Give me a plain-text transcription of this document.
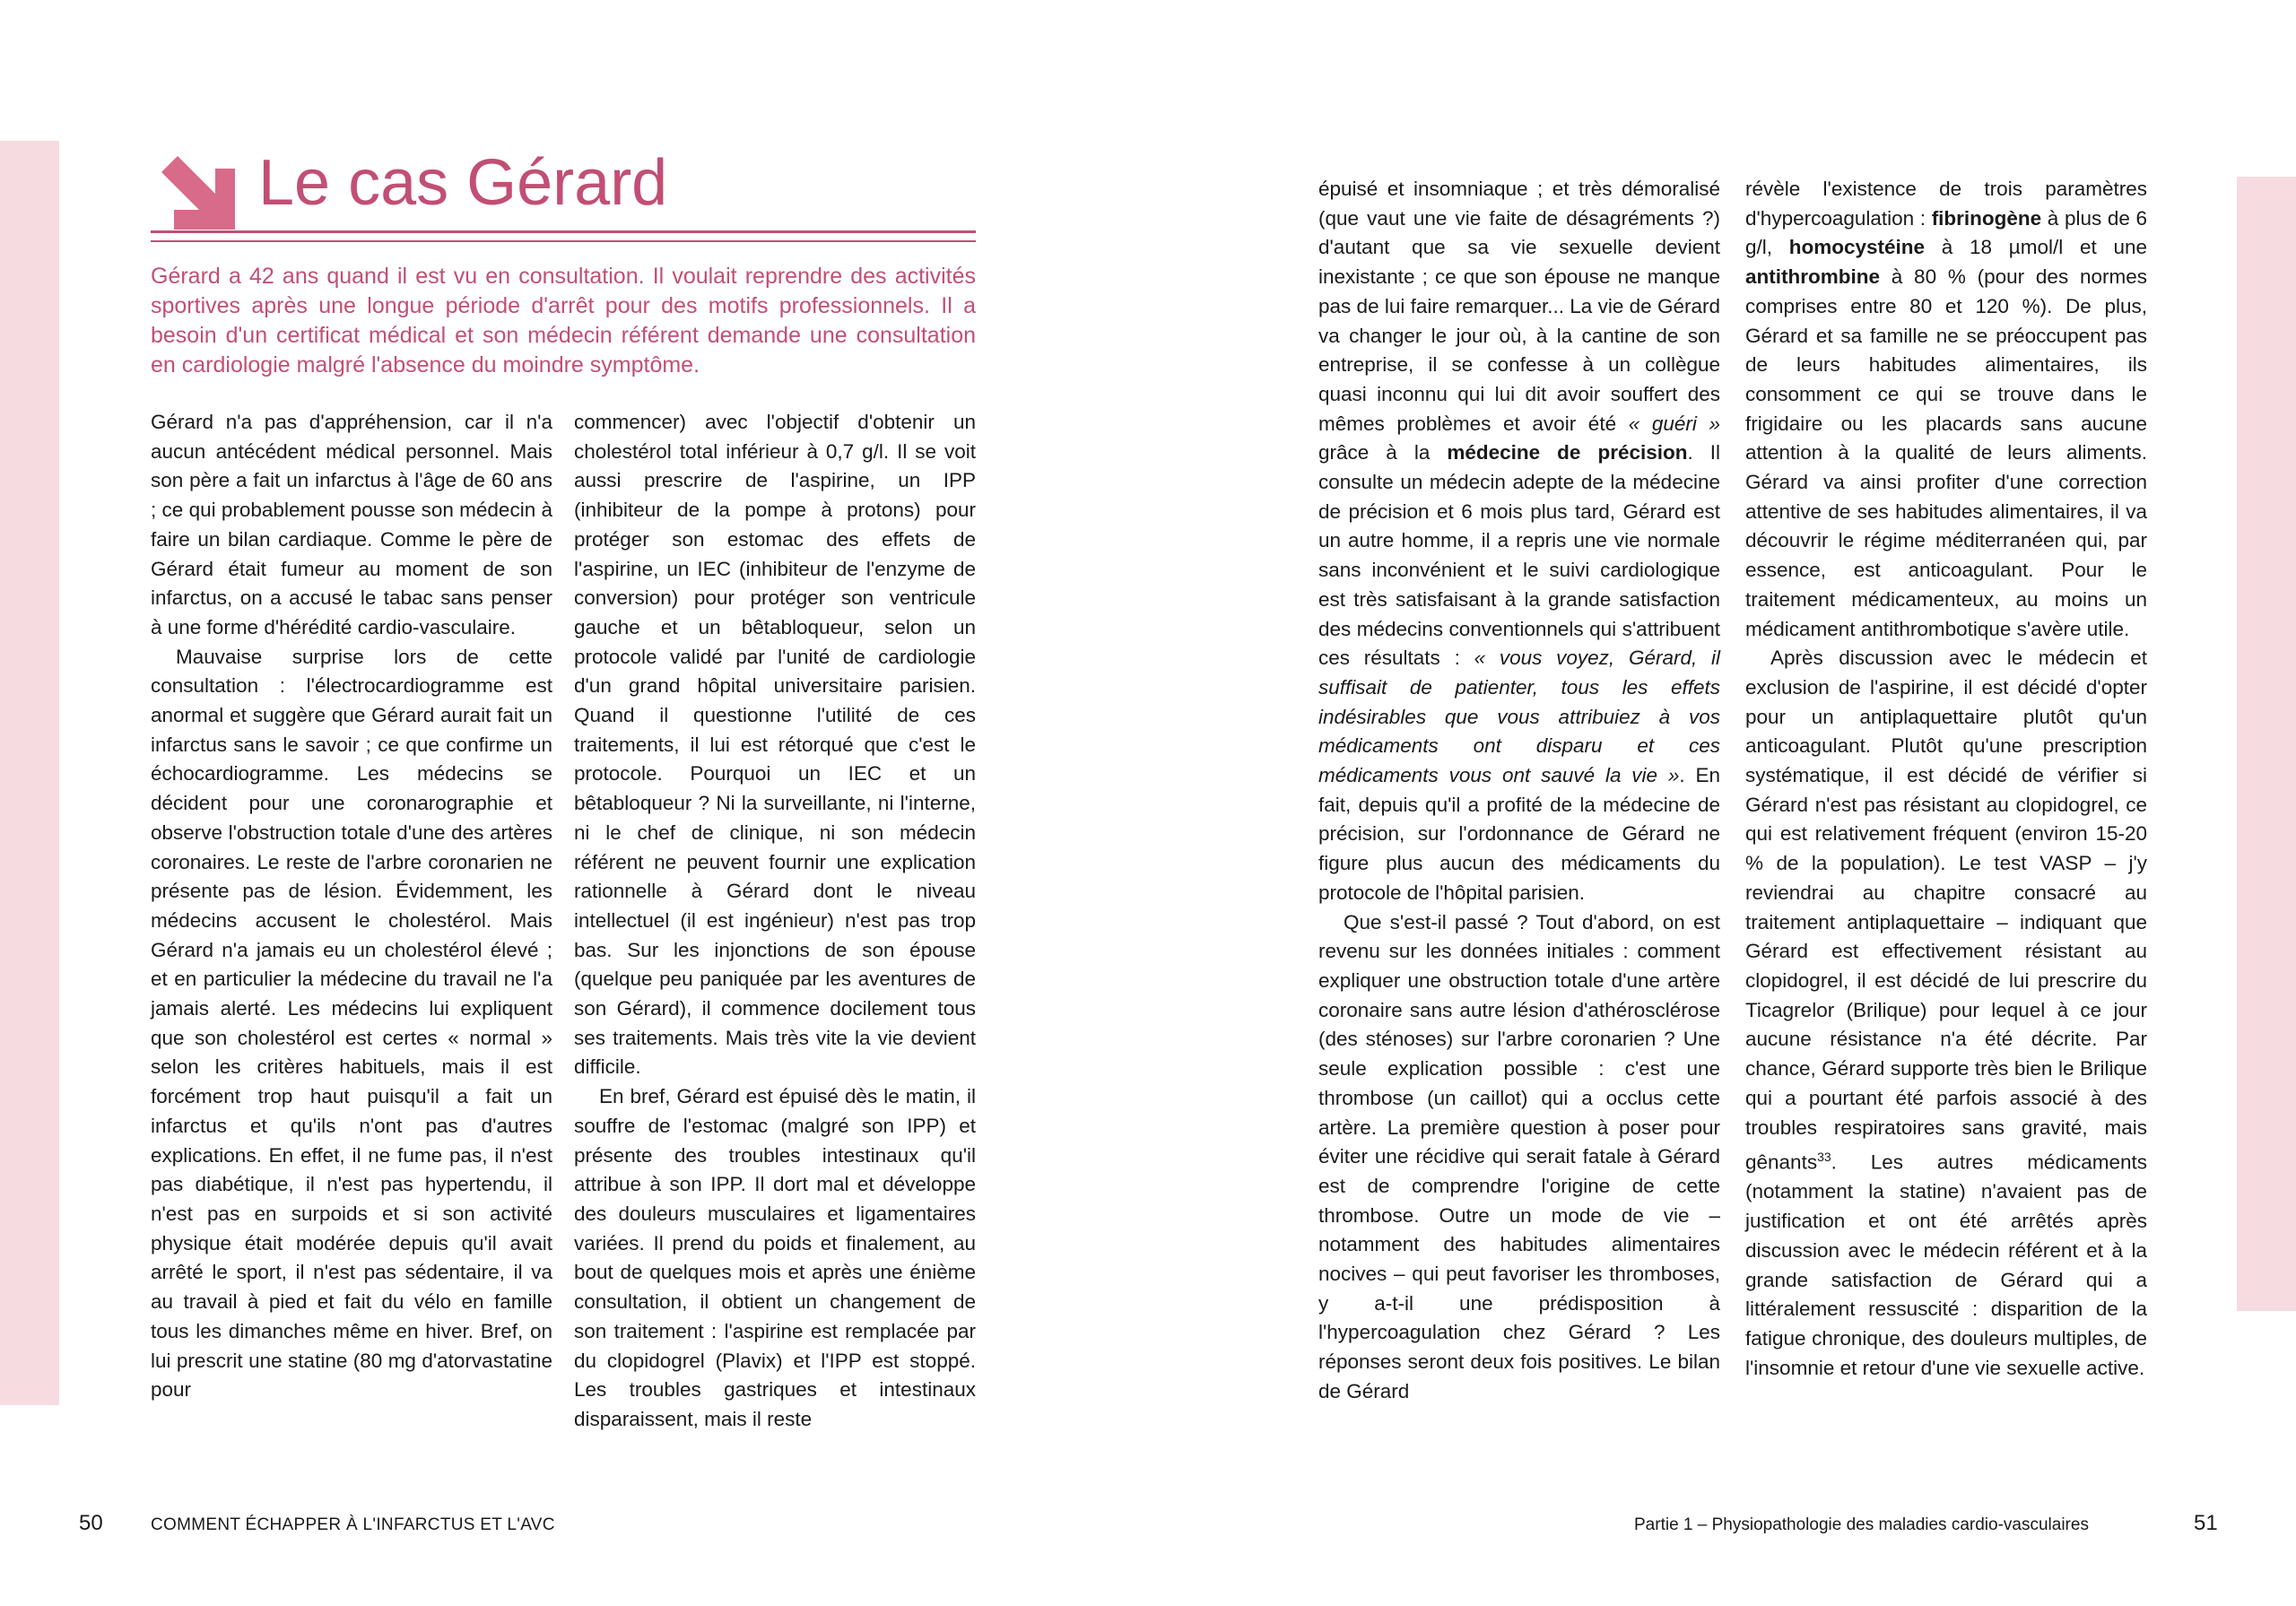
Le cas Gérard
Gérard a 42 ans quand il est vu en consultation. Il voulait reprendre des activités sportives après une longue période d'arrêt pour des motifs professionnels. Il a besoin d'un certificat médical et son médecin référent demande une consultation en cardiologie malgré l'absence du moindre symptôme.

Gérard n'a pas d'appréhension, car il n'a aucun antécédent médical personnel. Mais son père a fait un infarctus à l'âge de 60 ans ; ce qui probablement pousse son médecin à faire un bilan cardiaque. Comme le père de Gérard était fumeur au moment de son infarctus, on a accusé le tabac sans penser à une forme d'hérédité cardio-vasculaire.

Mauvaise surprise lors de cette consultation : l'électrocardiogramme est anormal et suggère que Gérard aurait fait un infarctus sans le savoir ; ce que confirme un échocardiogramme. Les médecins se décident pour une coronarographie et observe l'obstruction totale d'une des artères coronaires. Le reste de l'arbre coronarien ne présente pas de lésion. Évidemment, les médecins accusent le cholestérol. Mais Gérard n'a jamais eu un cholestérol élevé ; et en particulier la médecine du travail ne l'a jamais alerté. Les médecins lui expliquent que son cholestérol est certes « normal » selon les critères habituels, mais il est forcément trop haut puisqu'il a fait un infarctus et qu'ils n'ont pas d'autres explications. En effet, il ne fume pas, il n'est pas diabétique, il n'est pas hypertendu, il n'est pas en surpoids et si son activité physique était modérée depuis qu'il avait arrêté le sport, il n'est pas sédentaire, il va au travail à pied et fait du vélo en famille tous les dimanches même en hiver. Bref, on lui prescrit une statine (80 mg d'atorvastatine pour

commencer) avec l'objectif d'obtenir un cholestérol total inférieur à 0,7 g/l. Il se voit aussi prescrire de l'aspirine, un IPP (inhibiteur de la pompe à protons) pour protéger son estomac des effets de l'aspirine, un IEC (inhibiteur de l'enzyme de conversion) pour protéger son ventricule gauche et un bêtabloqueur, selon un protocole validé par l'unité de cardiologie d'un grand hôpital universitaire parisien. Quand il questionne l'utilité de ces traitements, il lui est rétorqué que c'est le protocole. Pourquoi un IEC et un bêtabloqueur ? Ni la surveillante, ni l'interne, ni le chef de clinique, ni son médecin référent ne peuvent fournir une explication rationnelle à Gérard dont le niveau intellectuel (il est ingénieur) n'est pas trop bas. Sur les injonctions de son épouse (quelque peu paniquée par les aventures de son Gérard), il commence docilement tous ses traitements. Mais très vite la vie devient difficile.

En bref, Gérard est épuisé dès le matin, il souffre de l'estomac (malgré son IPP) et présente des troubles intestinaux qu'il attribue à son IPP. Il dort mal et développe des douleurs musculaires et ligamentaires variées. Il prend du poids et finalement, au bout de quelques mois et après une énième consultation, il obtient un changement de son traitement : l'aspirine est remplacée par du clopidogrel (Plavix) et l'IPP est stoppé. Les troubles gastriques et intestinaux disparaissent, mais il reste

épuisé et insomniaque ; et très démoralisé (que vaut une vie faite de désagréments ?) d'autant que sa vie sexuelle devient inexistante ; ce que son épouse ne manque pas de lui faire remarquer... La vie de Gérard va changer le jour où, à la cantine de son entreprise, il se confesse à un collègue quasi inconnu qui lui dit avoir souffert des mêmes problèmes et avoir été « guéri » grâce à la médecine de précision. Il consulte un médecin adepte de la médecine de précision et 6 mois plus tard, Gérard est un autre homme, il a repris une vie normale sans inconvénient et le suivi cardiologique est très satisfaisant à la grande satisfaction des médecins conventionnels qui s'attribuent ces résultats : « vous voyez, Gérard, il suffisait de patienter, tous les effets indésirables que vous attribuiez à vos médicaments ont disparu et ces médicaments vous ont sauvé la vie ». En fait, depuis qu'il a profité de la médecine de précision, sur l'ordonnance de Gérard ne figure plus aucun des médicaments du protocole de l'hôpital parisien.

Que s'est-il passé ? Tout d'abord, on est revenu sur les données initiales : comment expliquer une obstruction totale d'une artère coronaire sans autre lésion d'athérosclérose (des sténoses) sur l'arbre coronarien ? Une seule explication possible : c'est une thrombose (un caillot) qui a occlus cette artère. La première question à poser pour éviter une récidive qui serait fatale à Gérard est de comprendre l'origine de cette thrombose. Outre un mode de vie – notamment des habitudes alimentaires nocives – qui peut favoriser les thromboses, y a-t-il une prédisposition à l'hypercoagulation chez Gérard ? Les réponses seront deux fois positives. Le bilan de Gérard

révèle l'existence de trois paramètres d'hypercoagulation : fibrinogène à plus de 6 g/l, homocystéine à 18 µmol/l et une antithrombine à 80 % (pour des normes comprises entre 80 et 120 %). De plus, Gérard et sa famille ne se préoccupent pas de leurs habitudes alimentaires, ils consomment ce qui se trouve dans le frigidaire ou les placards sans aucune attention à la qualité de leurs aliments. Gérard va ainsi profiter d'une correction attentive de ses habitudes alimentaires, il va découvrir le régime méditerranéen qui, par essence, est anticoagulant. Pour le traitement médicamenteux, au moins un médicament antithrombotique s'avère utile.

Après discussion avec le médecin et exclusion de l'aspirine, il est décidé d'opter pour un antiplaquettaire plutôt qu'un anticoagulant. Plutôt qu'une prescription systématique, il est décidé de vérifier si Gérard n'est pas résistant au clopidogrel, ce qui est relativement fréquent (environ 15-20 % de la population). Le test VASP – j'y reviendrai au chapitre consacré au traitement antiplaquettaire – indiquant que Gérard est effectivement résistant au clopidogrel, il est décidé de lui prescrire du Ticagrelor (Brilique) pour lequel à ce jour aucune résistance n'a été décrite. Par chance, Gérard supporte très bien le Brilique qui a pourtant été parfois associé à des troubles respiratoires sans gravité, mais gênants$^{33}$. Les autres médicaments (notamment la statine) n'avaient pas de justification et ont été arrêtés après discussion avec le médecin référent et à la grande satisfaction de Gérard qui a littéralement ressuscité : disparition de la fatigue chronique, des douleurs multiples, de l'insomnie et retour d'une vie sexuelle active.

50	COMMENT ÉCHAPPER À L'INFARCTUS ET L'AVC	Partie 1 – Physiopathologie des maladies cardio-vasculaires	51
